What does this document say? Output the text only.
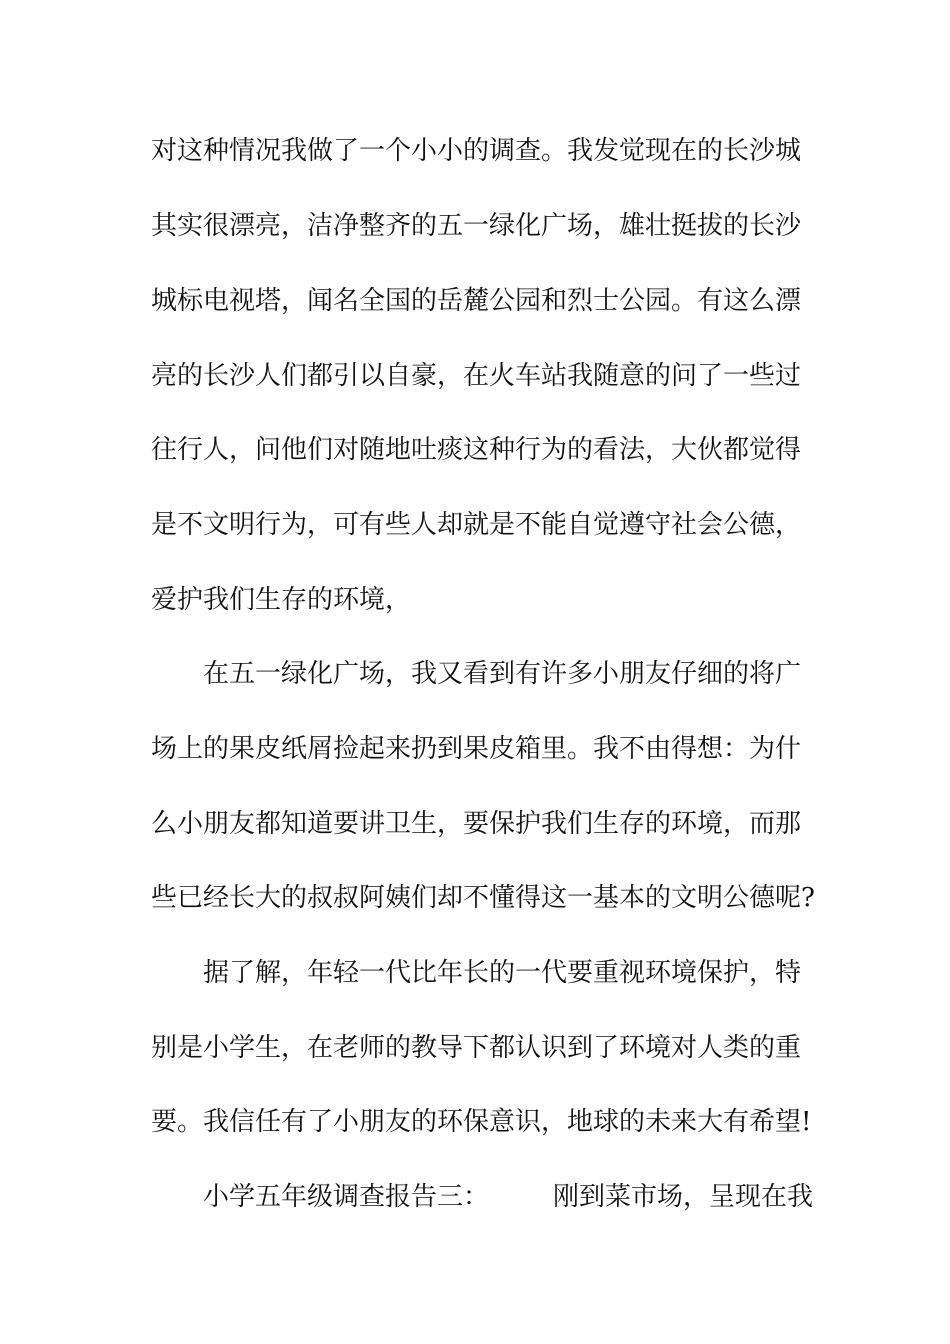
对这种情况我做了一个小小的调查。我发觉现在的长沙城
其实很漂亮，洁净整齐的五一绿化广场，雄壮挺拔的长沙
城标电视塔，闻名全国的岳麓公园和烈士公园。有这么漂
亮的长沙人们都引以自豪，在火车站我随意的问了一些过
往行人，问他们对随地吐痰这种行为的看法，大伙都觉得
是不文明行为，可有些人却就是不能自觉遵守社会公德，
爱护我们生存的环境，
在五一绿化广场，我又看到有许多小朋友仔细的将广
场上的果皮纸屑捡起来扔到果皮箱里。我不由得想：为什
么小朋友都知道要讲卫生，要保护我们生存的环境，而那
些已经长大的叔叔阿姨们却不懂得这一基本的文明公德呢?
据了解，年轻一代比年长的一代要重视环境保护，特
别是小学生，在老师的教导下都认识到了环境对人类的重
要。我信任有了小朋友的环保意识，地球的未来大有希望!
小学五年级调查报告三： 刚到菜市场，呈现在我
